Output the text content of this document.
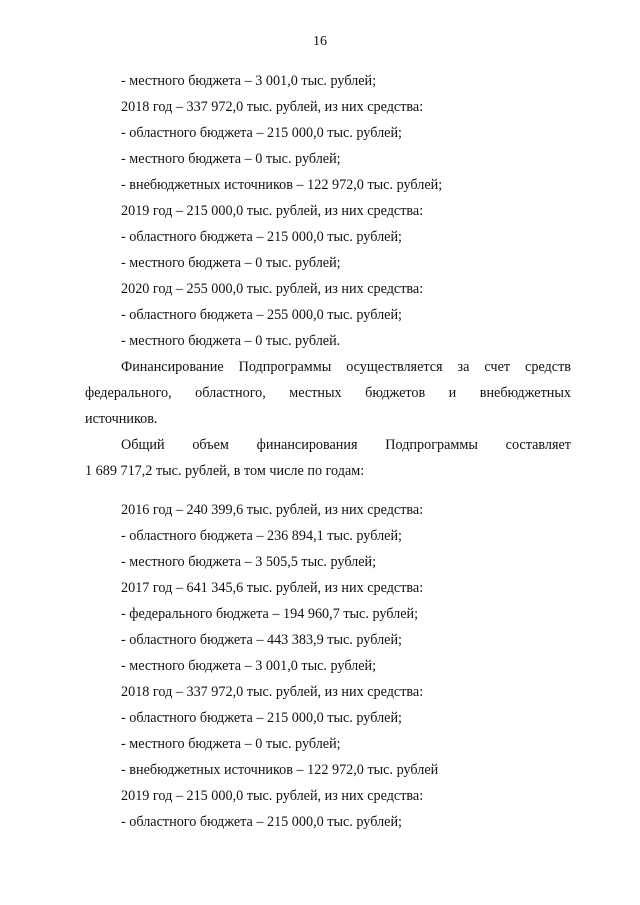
16
- местного бюджета – 3 001,0 тыс. рублей;
2018 год – 337 972,0 тыс. рублей, из них средства:
- областного бюджета – 215 000,0 тыс. рублей;
- местного бюджета – 0 тыс. рублей;
- внебюджетных источников – 122 972,0 тыс. рублей;
2019 год – 215 000,0 тыс. рублей, из них средства:
- областного бюджета – 215 000,0 тыс. рублей;
- местного бюджета – 0 тыс. рублей;
2020 год – 255 000,0 тыс. рублей, из них средства:
- областного бюджета – 255 000,0 тыс. рублей;
- местного бюджета – 0 тыс. рублей.
Финансирование Подпрограммы осуществляется за счет средств
федерального, областного, местных бюджетов и внебюджетных
источников.
Общий объем финансирования Подпрограммы составляет
1 689 717,2 тыс. рублей, в том числе по годам:
2016 год – 240 399,6 тыс. рублей, из них средства:
- областного бюджета – 236 894,1 тыс. рублей;
- местного бюджета – 3 505,5 тыс. рублей;
2017 год – 641 345,6 тыс. рублей, из них средства:
- федерального бюджета – 194 960,7 тыс. рублей;
- областного бюджета – 443 383,9 тыс. рублей;
- местного бюджета – 3 001,0 тыс. рублей;
2018 год – 337 972,0 тыс. рублей, из них средства:
- областного бюджета – 215 000,0 тыс. рублей;
- местного бюджета – 0 тыс. рублей;
- внебюджетных источников – 122 972,0 тыс. рублей
2019 год – 215 000,0 тыс. рублей, из них средства:
- областного бюджета – 215 000,0 тыс. рублей;
